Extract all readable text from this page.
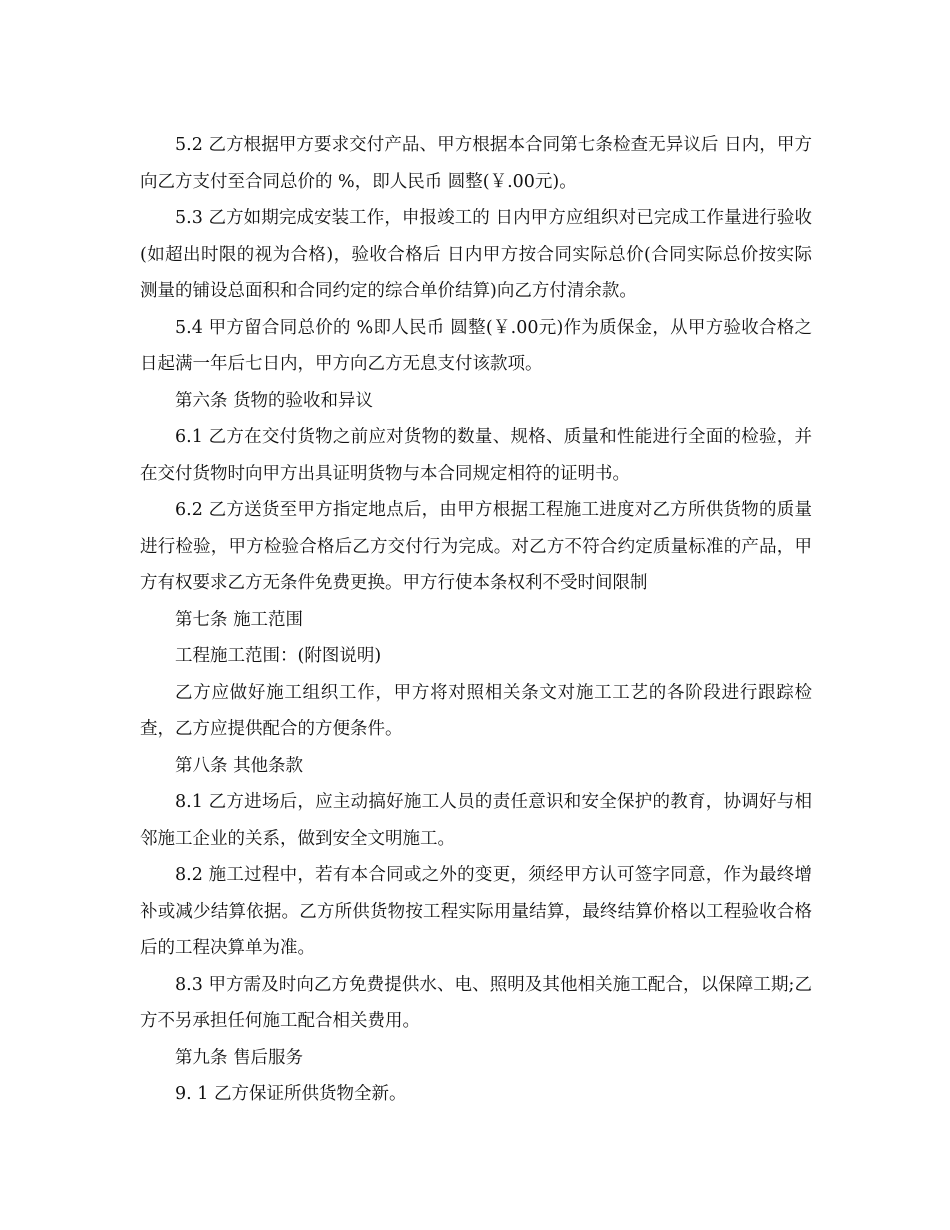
5.2 乙方根据甲方要求交付产品、甲方根据本合同第七条检查无异议后 日内，甲方向乙方支付至合同总价的 %，即人民币 圆整(￥.00元)。

5.3 乙方如期完成安装工作，申报竣工的 日内甲方应组织对已完成工作量进行验收(如超出时限的视为合格)，验收合格后 日内甲方按合同实际总价(合同实际总价按实际测量的铺设总面积和合同约定的综合单价结算)向乙方付清余款。

5.4 甲方留合同总价的 %即人民币 圆整(￥.00元)作为质保金，从甲方验收合格之日起满一年后七日内，甲方向乙方无息支付该款项。

第六条 货物的验收和异议

6.1 乙方在交付货物之前应对货物的数量、规格、质量和性能进行全面的检验，并在交付货物时向甲方出具证明货物与本合同规定相符的证明书。

6.2 乙方送货至甲方指定地点后，由甲方根据工程施工进度对乙方所供货物的质量进行检验，甲方检验合格后乙方交付行为完成。对乙方不符合约定质量标准的产品，甲方有权要求乙方无条件免费更换。甲方行使本条权利不受时间限制

第七条 施工范围

工程施工范围：(附图说明)

乙方应做好施工组织工作，甲方将对照相关条文对施工工艺的各阶段进行跟踪检查，乙方应提供配合的方便条件。

第八条 其他条款

8.1 乙方进场后，应主动搞好施工人员的责任意识和安全保护的教育，协调好与相邻施工企业的关系，做到安全文明施工。

8.2 施工过程中，若有本合同或之外的变更，须经甲方认可签字同意，作为最终增补或减少结算依据。乙方所供货物按工程实际用量结算，最终结算价格以工程验收合格后的工程决算单为准。

8.3 甲方需及时向乙方免费提供水、电、照明及其他相关施工配合，以保障工期;乙方不另承担任何施工配合相关费用。

第九条 售后服务

9. 1 乙方保证所供货物全新。
